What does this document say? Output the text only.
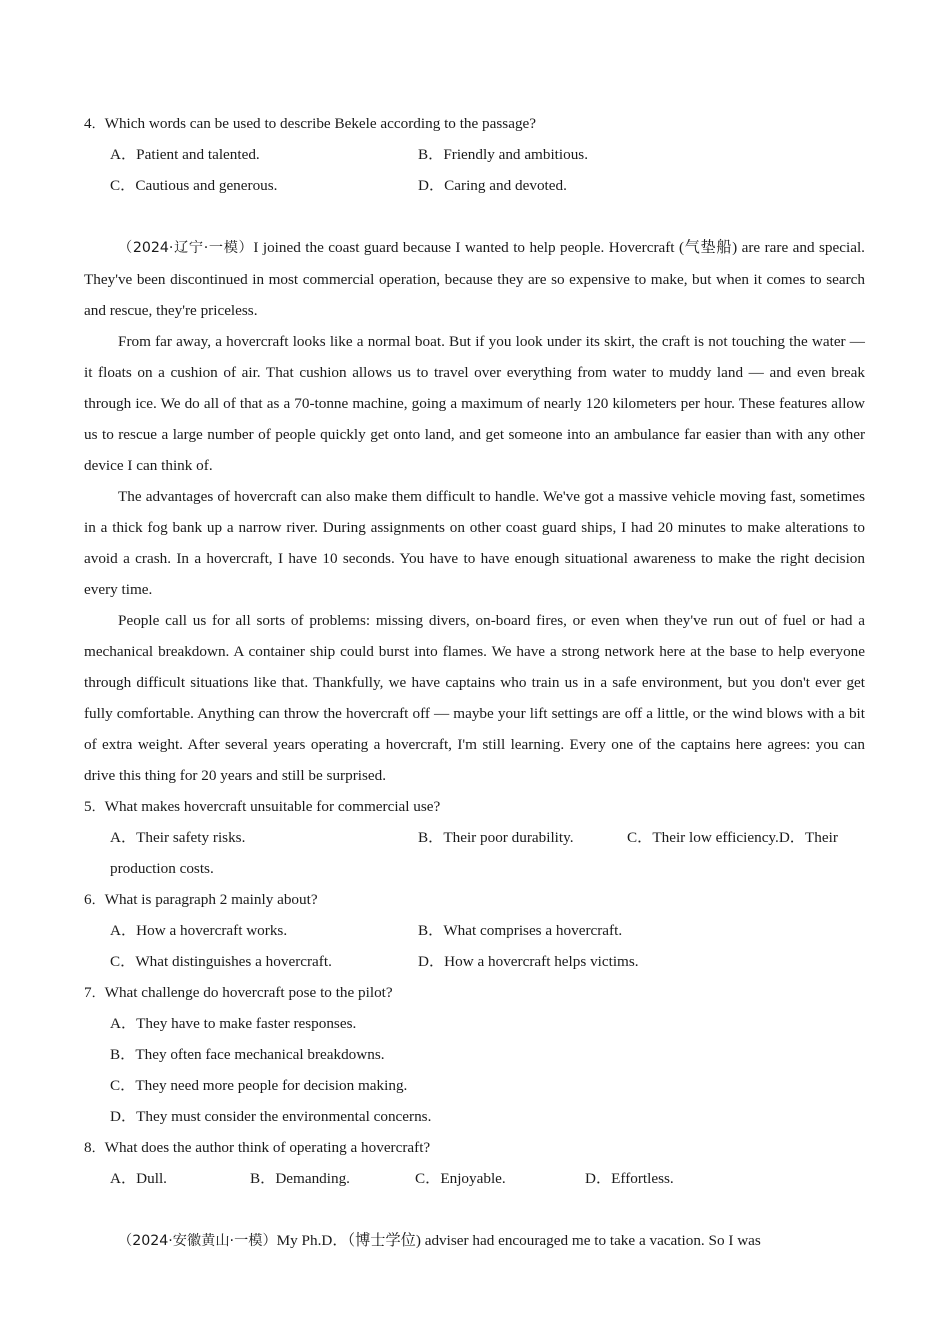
4．Which words can be used to describe Bekele according to the passage?

A．Patient and talented.	B．Friendly and ambitious.
C．Cautious and generous.	D．Caring and devoted.

（2024·辽宁·一模）I joined the coast guard because I wanted to help people. Hovercraft (气垫船) are rare and special. They've been discontinued in most commercial operation, because they are so expensive to make, but when it comes to search and rescue, they're priceless.

From far away, a hovercraft looks like a normal boat. But if you look under its skirt, the craft is not touching the water — it floats on a cushion of air. That cushion allows us to travel over everything from water to muddy land — and even break through ice. We do all of that as a 70-tonne machine, going a maximum of nearly 120 kilometers per hour. These features allow us to rescue a large number of people quickly get onto land, and get someone into an ambulance far easier than with any other device I can think of.

The advantages of hovercraft can also make them difficult to handle. We've got a massive vehicle moving fast, sometimes in a thick fog bank up a narrow river. During assignments on other coast guard ships, I had 20 minutes to make alterations to avoid a crash. In a hovercraft, I have 10 seconds. You have to have enough situational awareness to make the right decision every time.

People call us for all sorts of problems: missing divers, on-board fires, or even when they've run out of fuel or had a mechanical breakdown. A container ship could burst into flames. We have a strong network here at the base to help everyone through difficult situations like that. Thankfully, we have captains who train us in a safe environment, but you don't ever get fully comfortable. Anything can throw the hovercraft off — maybe your lift settings are off a little, or the wind blows with a bit of extra weight. After several years operating a hovercraft, I'm still learning. Every one of the captains here agrees: you can drive this thing for 20 years and still be surprised.

5．What makes hovercraft unsuitable for commercial use?

A．Their safety risks.	B．Their poor durability.	C．Their low efficiency.D．Their

production costs.

6．What is paragraph 2 mainly about?

A．How a hovercraft works.	B．What comprises a hovercraft.
C．What distinguishes a hovercraft.	D．How a hovercraft helps victims.

7．What challenge do hovercraft pose to the pilot?

A．They have to make faster responses.

B．They often face mechanical breakdowns.

C．They need more people for decision making.

D．They must consider the environmental concerns.

8．What does the author think of operating a hovercraft?

A．Dull.	B．Demanding.	C．Enjoyable.	D．Effortless.

（2024·安徽黄山·一模）My Ph.D．（博士学位) adviser had encouraged me to take a vacation. So I was
